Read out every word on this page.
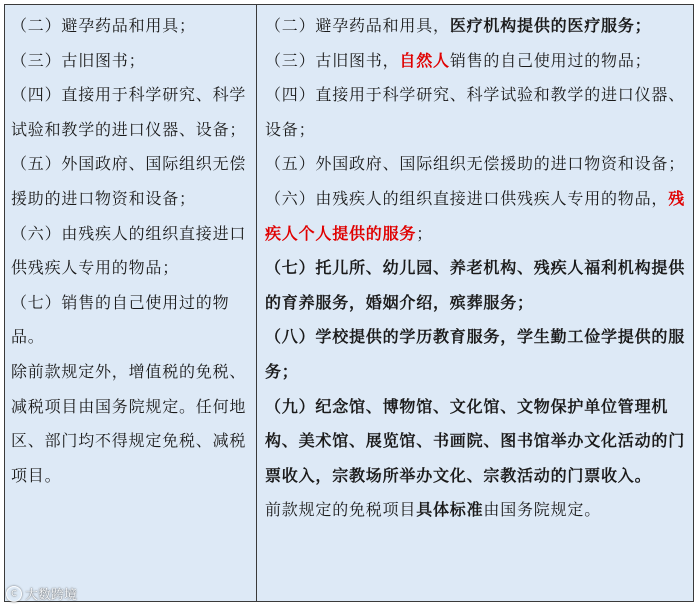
（二）避孕药品和用具；

（三）古旧图书；

（四）直接用于科学研究、科学试验和教学的进口仪器、设备；

（五）外国政府、国际组织无偿援助的进口物资和设备；

（六）由残疾人的组织直接进口供残疾人专用的物品；

（七）销售的自己使用过的物品。

除前款规定外，增值税的免税、减税项目由国务院规定。任何地区、部门均不得规定免税、减税项目。

（二）避孕药品和用具，医疗机构提供的医疗服务；

（三）古旧图书，自然人销售的自己使用过的物品；

（四）直接用于科学研究、科学试验和教学的进口仪器、设备；

（五）外国政府、国际组织无偿援助的进口物资和设备；

（六）由残疾人的组织直接进口供残疾人专用的物品，残疾人个人提供的服务；

（七）托儿所、幼儿园、养老机构、残疾人福利机构提供的育养服务，婚姻介绍，殡葬服务；

（八）学校提供的学历教育服务，学生勤工俭学提供的服务；

（九）纪念馆、博物馆、文化馆、文物保护单位管理机构、美术馆、展览馆、书画院、图书馆举办文化活动的门票收入，宗教场所举办文化、宗教活动的门票收入。

前款规定的免税项目具体标准由国务院规定。

C 大数跨境
